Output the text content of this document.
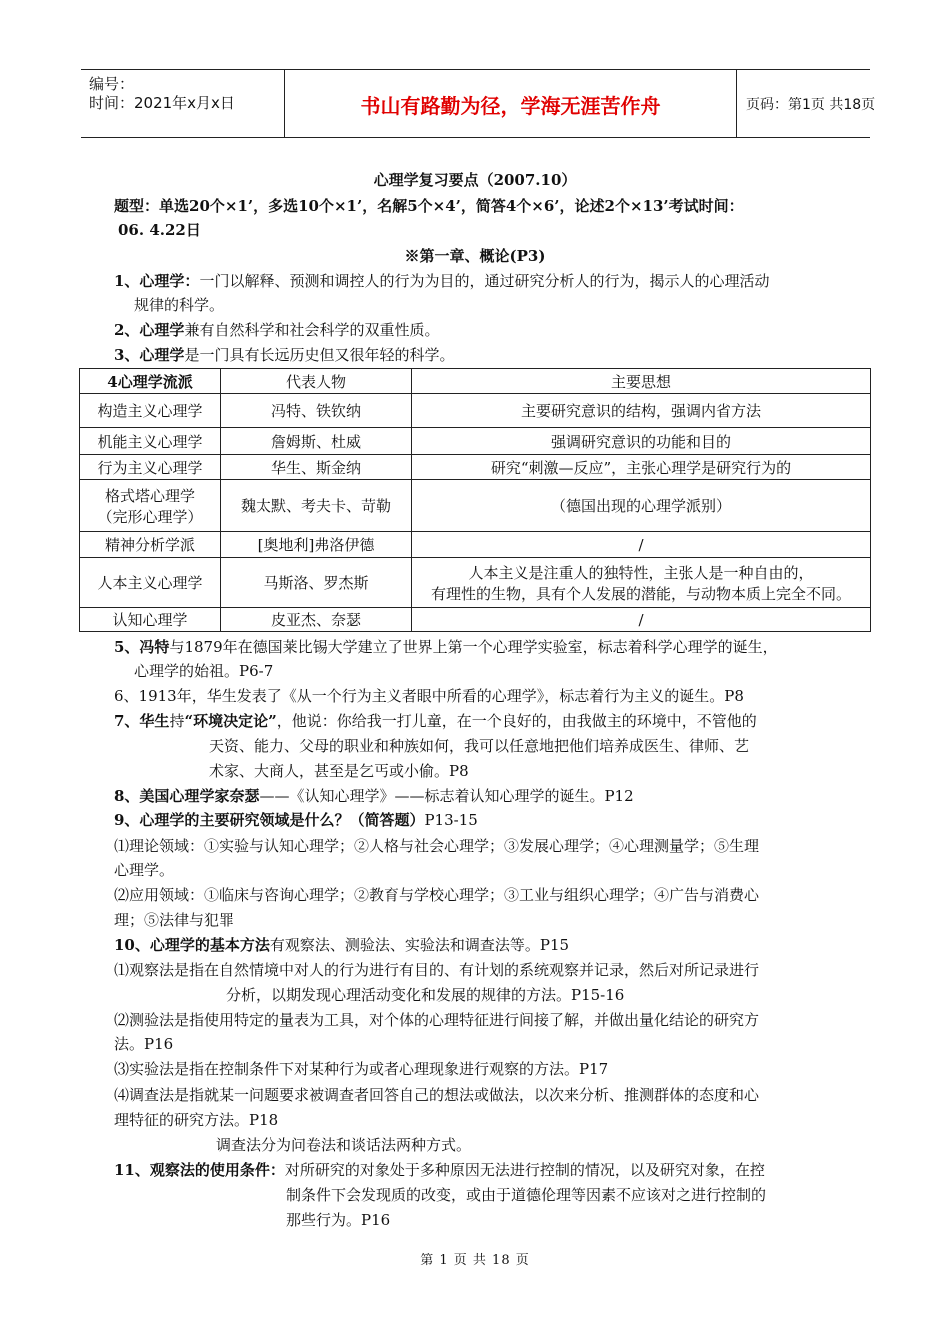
编号：
时间：2021年x月x日	书山有路勤为径，学海无涯苦作舟	页码：第1页 共18页
心理学复习要点（2007.10）
题型：单选20个×1’，多选10个×1’，名解5个×4’，简答4个×6’，论述2个×13’考试时间：
06. 4.22日
※第一章、概论(P3)
1、心理学：一门以解释、预测和调控人的行为为目的，通过研究分析人的行为，揭示人的心理活动
规律的科学。
2、心理学兼有自然科学和社会科学的双重性质。
3、心理学是一门具有长远历史但又很年轻的科学。
4心理学流派	代表人物	主要思想
构造主义心理学	冯特、铁钦纳	主要研究意识的结构，强调内省方法
机能主义心理学	詹姆斯、杜威	强调研究意识的功能和目的
行为主义心理学	华生、斯金纳	研究“刺激—反应”，主张心理学是研究行为的

格式塔心理学
（完形心理学）	魏太默、考夫卡、苛勒	（德国出现的心理学派别）
精神分析学派	[奥地利]弗洛伊德	/
人本主义心理学	马斯洛、罗杰斯	人本主义是注重人的独特性，主张人是一种自由的，
有理性的生物，具有个人发展的潜能，与动物本质上完全不同。

认知心理学	皮亚杰、奈瑟	/
5、冯特与1879年在德国莱比锡大学建立了世界上第一个心理学实验室，标志着科学心理学的诞生，
心理学的始祖。P6-7
6、1913年，华生发表了《从一个行为主义者眼中所看的心理学》，标志着行为主义的诞生。P8
7、华生持“环境决定论”，他说：你给我一打儿童，在一个良好的，由我做主的环境中，不管他的
天资、能力、父母的职业和种族如何，我可以任意地把他们培养成医生、律师、艺
术家、大商人，甚至是乞丐或小偷。P8
8、美国心理学家奈瑟——《认知心理学》——标志着认知心理学的诞生。P12
9、心理学的主要研究领域是什么？（简答题）P13-15
⑴理论领域：①实验与认知心理学；②人格与社会心理学；③发展心理学；④心理测量学；⑤生理
心理学。
⑵应用领域：①临床与咨询心理学；②教育与学校心理学；③工业与组织心理学；④广告与消费心
理；⑤法律与犯罪
10、心理学的基本方法有观察法、测验法、实验法和调查法等。P15
⑴观察法是指在自然情境中对人的行为进行有目的、有计划的系统观察并记录，然后对所记录进行
分析，以期发现心理活动变化和发展的规律的方法。P15-16
⑵测验法是指使用特定的量表为工具，对个体的心理特征进行间接了解，并做出量化结论的研究方
法。P16
⑶实验法是指在控制条件下对某种行为或者心理现象进行观察的方法。P17
⑷调查法是指就某一问题要求被调查者回答自己的想法或做法，以次来分析、推测群体的态度和心
理特征的研究方法。P18
调查法分为问卷法和谈话法两种方式。
11、观察法的使用条件：对所研究的对象处于多种原因无法进行控制的情况，以及研究对象，在控
制条件下会发现质的改变，或由于道德伦理等因素不应该对之进行控制的
那些行为。P16
第 1 页 共 18 页
